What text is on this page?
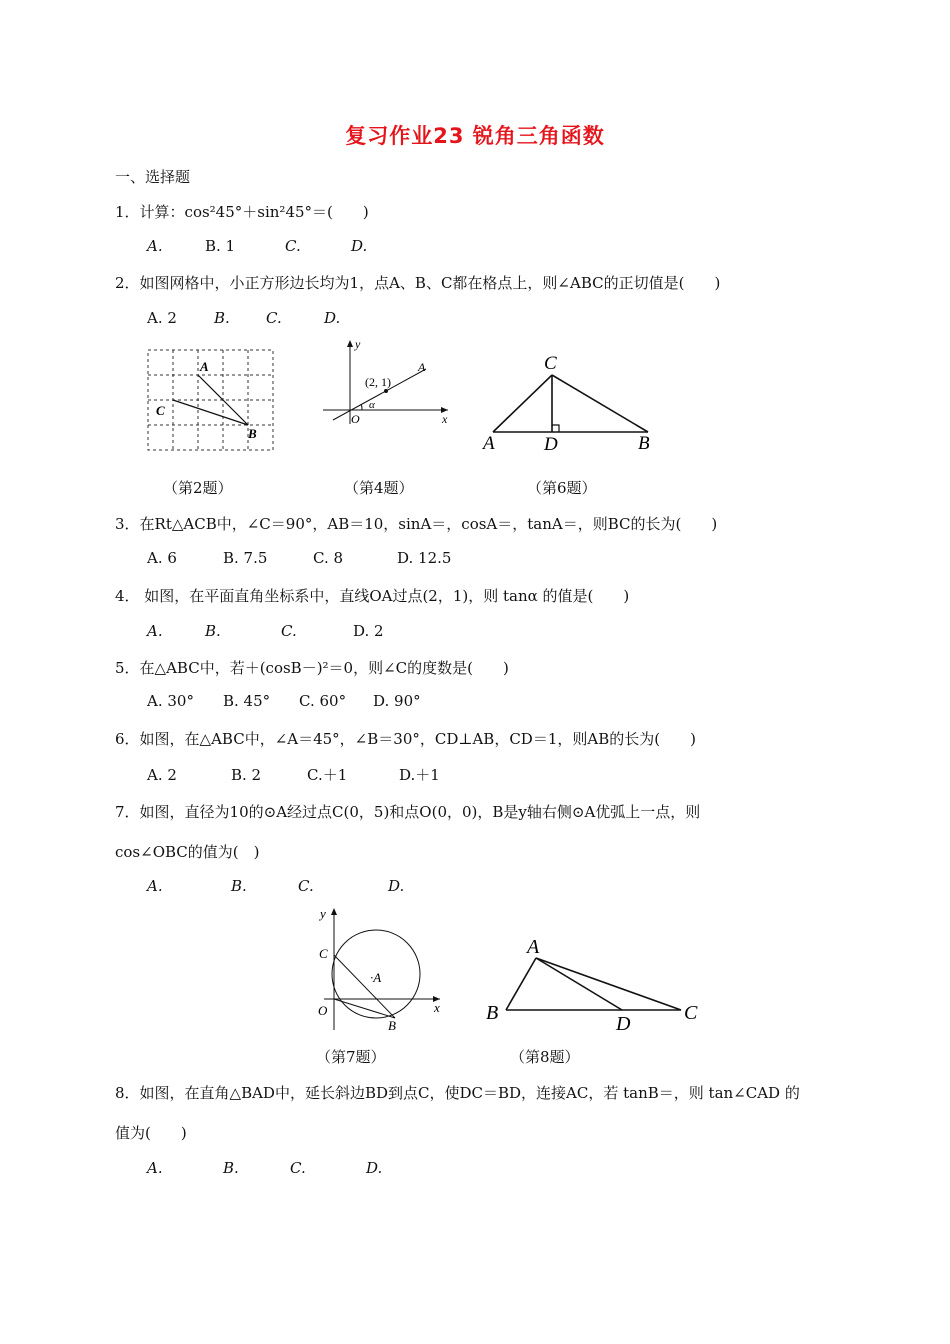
复习作业23 锐角三角函数
一、选择题
1．计算：cos²45°＋sin²45°＝(　　)
A.	B. 1	C.	D.
2．如图网格中，小正方形边长均为1，点A、B、C都在格点上，则∠ABC的正切值是(　　)
A. 2 B. C.	D.
A
B
C
y
x
O
A
(2, 1)
α
C
A	D	B
（第2题）	（第4题）	（第6题）
3．在Rt△ACB中，∠C＝90°，AB＝10，sinA＝，cosA＝，tanA＝，则BC的长为(　　)
A. 6	B. 7.5	C. 8	D. 12.5
4． 如图，在平面直角坐标系中，直线OA过点(2，1)，则 tanα 的值是(　　)
A.	B.	C.	D. 2
5．在△ABC中，若＋(cosB－)²＝0，则∠C的度数是(　　)
A. 30° B. 45° C. 60° D. 90°
6．如图，在△ABC中，∠A＝45°，∠B＝30°，CD⊥AB，CD＝1，则AB的长为(　　)
A. 2	B. 2	C.＋1	D.＋1
7．如图，直径为10的⊙A经过点C(0，5)和点O(0，0)，B是y轴右侧⊙A优弧上一点，则
cos∠OBC的值为(　)
A.	B.	C.	D.
y
x
O
C
·A
B
A
B	D	C
（第7题）	（第8题）
8．如图，在直角△BAD中，延长斜边BD到点C，使DC＝BD，连接AC，若 tanB＝，则 tan∠CAD 的
值为(　　)
A.	B.	C.	D.
